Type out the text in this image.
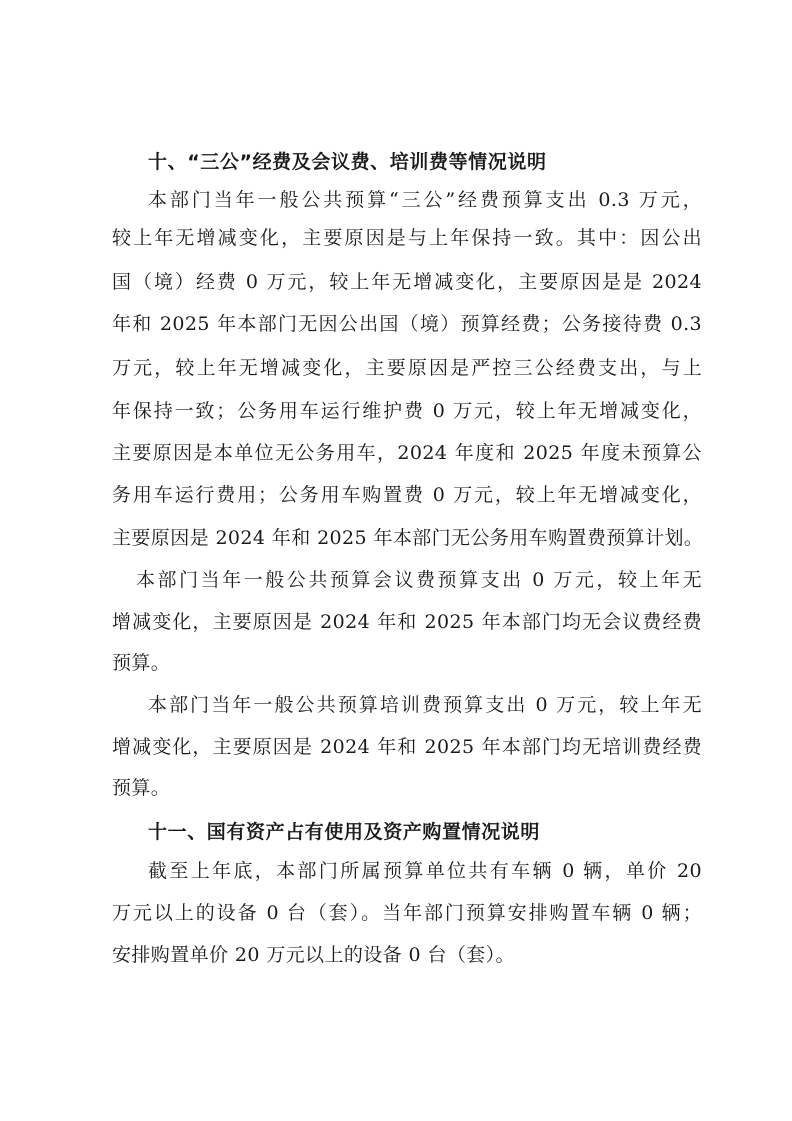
十、“三公”经费及会议费、培训费等情况说明
本部门当年一般公共预算“三公”经费预算支出 0.3 万元，
较上年无增减变化，主要原因是与上年保持一致。其中：因公出
国（境）经费 0 万元，较上年无增减变化，主要原因是是 2024
年和 2025 年本部门无因公出国（境）预算经费；公务接待费 0.3
万元，较上年无增减变化，主要原因是严控三公经费支出，与上
年保持一致；公务用车运行维护费 0 万元，较上年无增减变化，
主要原因是本单位无公务用车，2024 年度和 2025 年度未预算公
务用车运行费用；公务用车购置费 0 万元，较上年无增减变化，
主要原因是 2024 年和 2025 年本部门无公务用车购置费预算计划。
本部门当年一般公共预算会议费预算支出 0 万元，较上年无
增减变化，主要原因是 2024 年和 2025 年本部门均无会议费经费
预算。
本部门当年一般公共预算培训费预算支出 0 万元，较上年无
增减变化，主要原因是 2024 年和 2025 年本部门均无培训费经费
预算。
十一、国有资产占有使用及资产购置情况说明
截至上年底，本部门所属预算单位共有车辆 0 辆，单价 20
万元以上的设备 0 台（套）。当年部门预算安排购置车辆 0 辆；
安排购置单价 20 万元以上的设备 0 台（套）。
